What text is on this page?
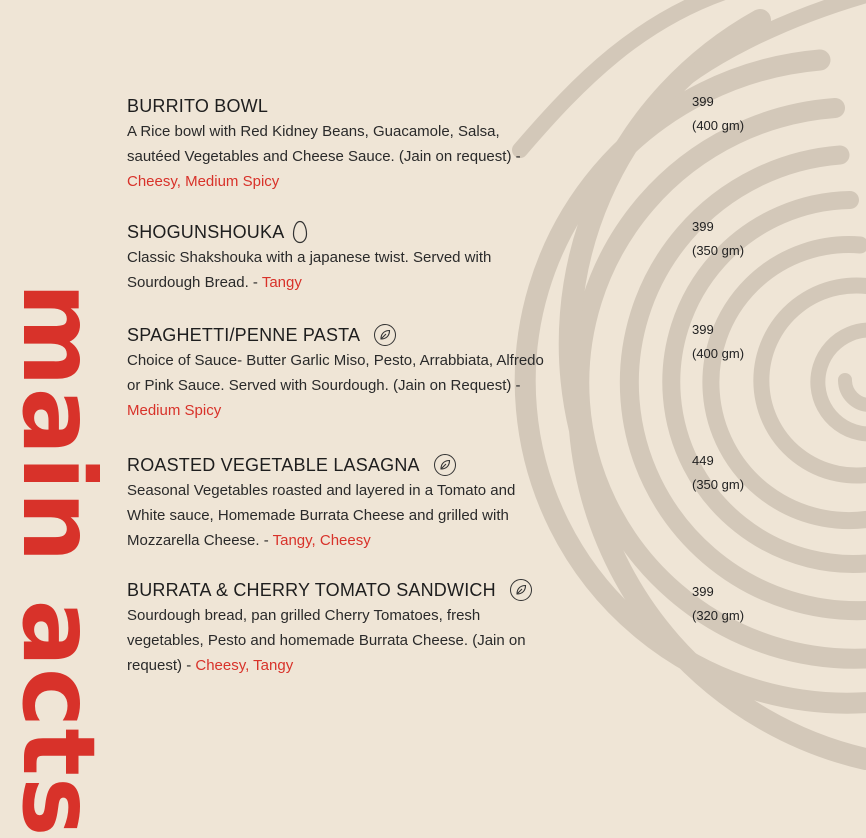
main acts
BURRITO BOWL
A Rice bowl with Red Kidney Beans, Guacamole, Salsa, sautéed Vegetables and Cheese Sauce. (Jain on request) - Cheesy, Medium Spicy
399
(400 gm)
SHOGUNSHOUKA
Classic Shakshouka with a japanese twist. Served with Sourdough Bread. - Tangy
399
(350 gm)
SPAGHETTI/PENNE PASTA
Choice of Sauce- Butter Garlic Miso, Pesto, Arrabbiata, Alfredo or Pink Sauce. Served with Sourdough. (Jain on Request) - Medium Spicy
399
(400 gm)
ROASTED VEGETABLE LASAGNA
Seasonal Vegetables roasted and layered in a Tomato and White sauce, Homemade Burrata Cheese and grilled with Mozzarella Cheese. - Tangy, Cheesy
449
(350 gm)
BURRATA & CHERRY TOMATO SANDWICH
Sourdough bread, pan grilled Cherry Tomatoes, fresh vegetables, Pesto and homemade Burrata Cheese. (Jain on request) - Cheesy, Tangy
399
(320 gm)
